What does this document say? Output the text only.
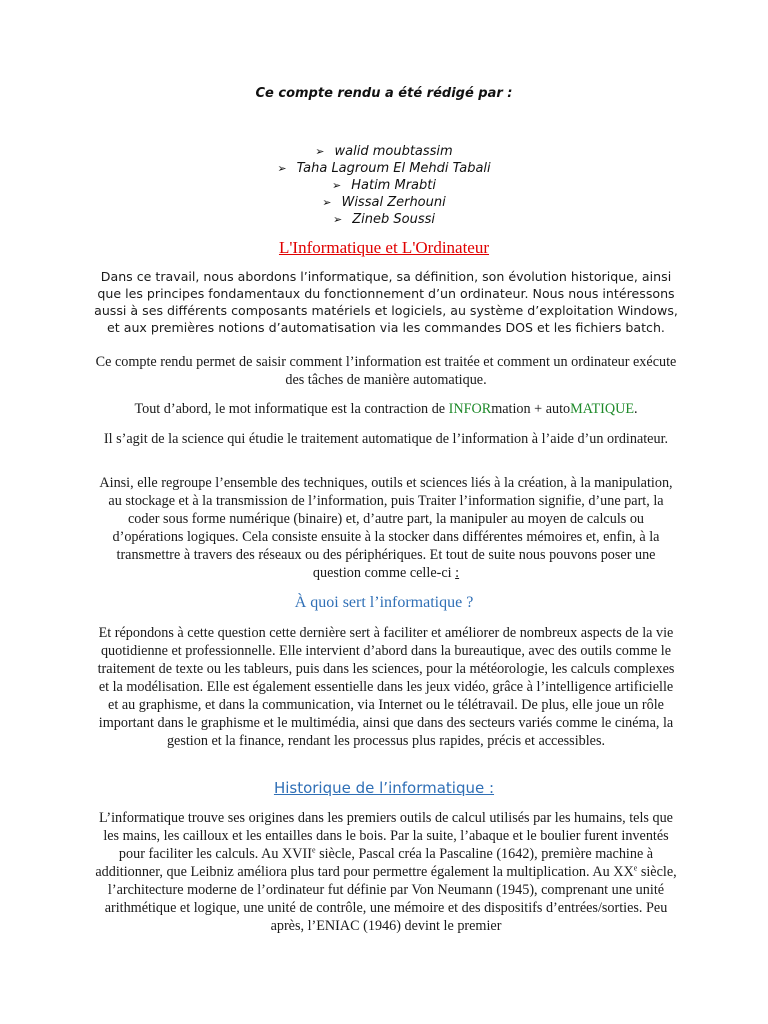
Ce compte rendu a été rédigé par :
➢ walid moubtassim
➢ Taha Lagroum El Mehdi Tabali
➢ Hatim Mrabti
➢ Wissal Zerhouni
➢ Zineb Soussi
L'Informatique et L'Ordinateur

Dans ce travail, nous abordons l’informatique, sa définition, son évolution historique, ainsi que les principes fondamentaux du fonctionnement d’un ordinateur. Nous nous intéressons aussi à ses différents composants matériels et logiciels, au système d’exploitation Windows, et aux premières notions d’automatisation via les commandes DOS et les fichiers batch.

Ce compte rendu permet de saisir comment l’information est traitée et comment un ordinateur exécute des tâches de manière automatique.

Tout d’abord, le mot informatique est la contraction de INFORmation + autoMATIQUE.

Il s’agit de la science qui étudie le traitement automatique de l’information à l’aide d’un ordinateur.

Ainsi, elle regroupe l’ensemble des techniques, outils et sciences liés à la création, à la manipulation, au stockage et à la transmission de l’information, puis Traiter l’information signifie, d’une part, la coder sous forme numérique (binaire) et, d’autre part, la manipuler au moyen de calculs ou d’opérations logiques. Cela consiste ensuite à la stocker dans différentes mémoires et, enfin, à la transmettre à travers des réseaux ou des périphériques. Et tout de suite nous pouvons poser une question comme celle-ci :

À quoi sert l’informatique ?

Et répondons à cette question cette dernière sert à faciliter et améliorer de nombreux aspects de la vie quotidienne et professionnelle. Elle intervient d’abord dans la bureautique, avec des outils comme le traitement de texte ou les tableurs, puis dans les sciences, pour la météorologie, les calculs complexes et la modélisation. Elle est également essentielle dans les jeux vidéo, grâce à l’intelligence artificielle et au graphisme, et dans la communication, via Internet ou le télétravail. De plus, elle joue un rôle important dans le graphisme et le multimédia, ainsi que dans des secteurs variés comme le cinéma, la gestion et la finance, rendant les processus plus rapides, précis et accessibles.

Historique de l’informatique :

L’informatique trouve ses origines dans les premiers outils de calcul utilisés par les humains, tels que les mains, les cailloux et les entailles dans le bois. Par la suite, l’abaque et le boulier furent inventés pour faciliter les calculs. Au XVIIe siècle, Pascal créa la Pascaline (1642), première machine à additionner, que Leibniz améliora plus tard pour permettre également la multiplication. Au XXe siècle, l’architecture moderne de l’ordinateur fut définie par Von Neumann (1945), comprenant une unité arithmétique et logique, une unité de contrôle, une mémoire et des dispositifs d’entrées/sorties. Peu après, l’ENIAC (1946) devint le premier
